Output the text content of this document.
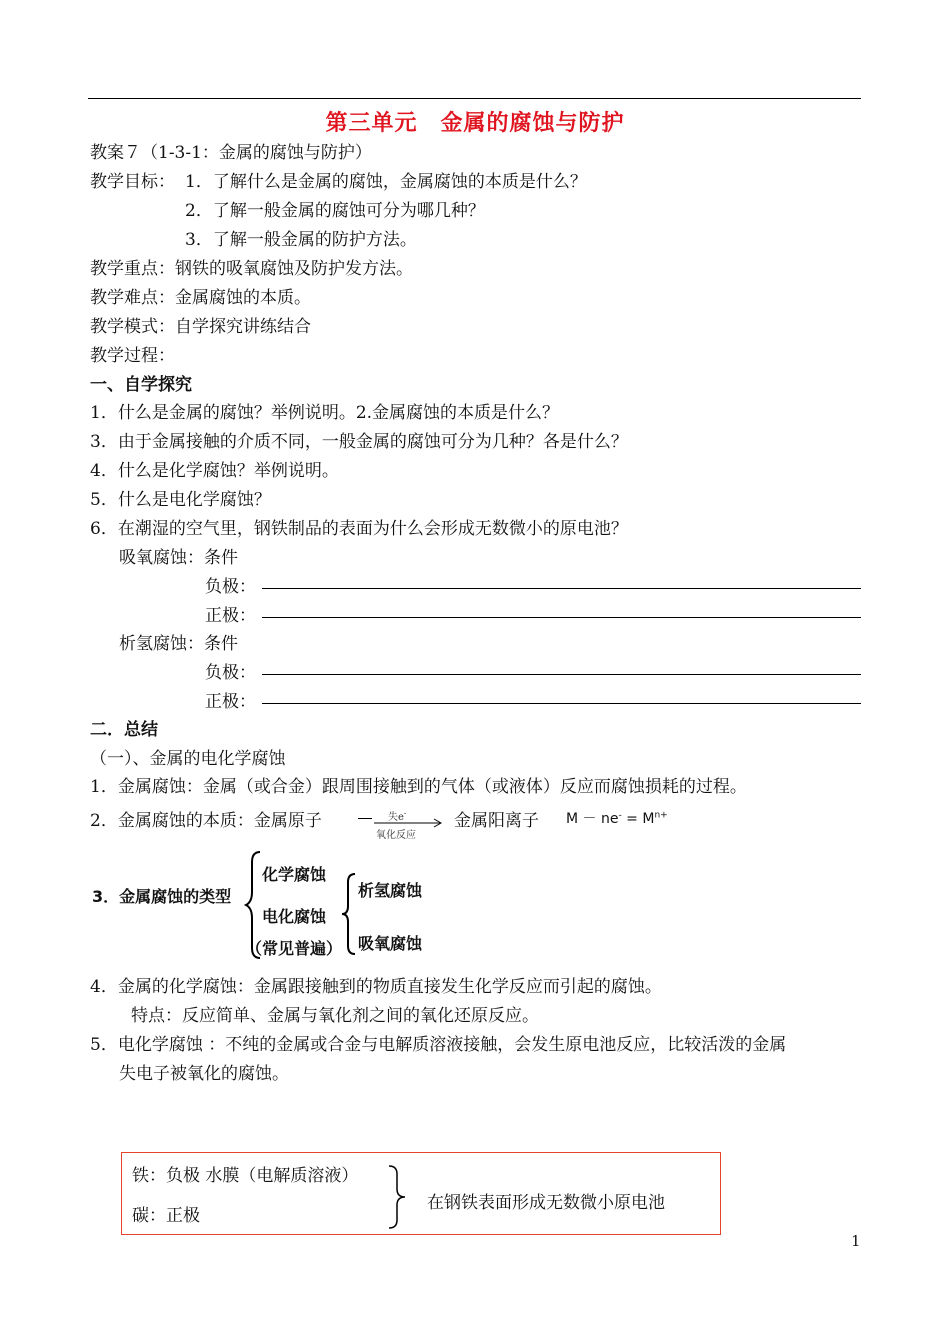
第三单元　金属的腐蚀与防护
教案７（1-3-1：金属的腐蚀与防护）
教学目标： 1．了解什么是金属的腐蚀，金属腐蚀的本质是什么？
2．了解一般金属的腐蚀可分为哪几种？
3．了解一般金属的防护方法。
教学重点：钢铁的吸氧腐蚀及防护发方法。
教学难点：金属腐蚀的本质。
教学模式：自学探究讲练结合
教学过程：
一、自学探究
1．什么是金属的腐蚀？举例说明。2.金属腐蚀的本质是什么？
3．由于金属接触的介质不同，一般金属的腐蚀可分为几种？各是什么？
4．什么是化学腐蚀？举例说明。
5．什么是电化学腐蚀？
6．在潮湿的空气里，钢铁制品的表面为什么会形成无数微小的原电池？
吸氧腐蚀：条件
负极：
正极：
析氢腐蚀：条件
负极：
正极：
二．总结
（一）、金属的电化学腐蚀
1．金属腐蚀：金属（或合金）跟周围接触到的气体（或液体）反应而腐蚀损耗的过程。
2．金属腐蚀的本质：金属原子	失e-
氧化反应
金属阳离子 $M - ne^- = M^{n+}$
3．金属腐蚀的类型
化学腐蚀
电化腐蚀
（常见普遍）
析氢腐蚀
吸氧腐蚀
4．金属的化学腐蚀：金属跟接触到的物质直接发生化学反应而引起的腐蚀。
特点：反应简单、金属与氧化剂之间的氧化还原反应。
5．电化学腐蚀 ：不纯的金属或合金与电解质溶液接触，会发生原电池反应，比较活泼的金属
失电子被氧化的腐蚀。
铁：负极 水膜（电解质溶液）
碳：正极
在钢铁表面形成无数微小原电池
1
